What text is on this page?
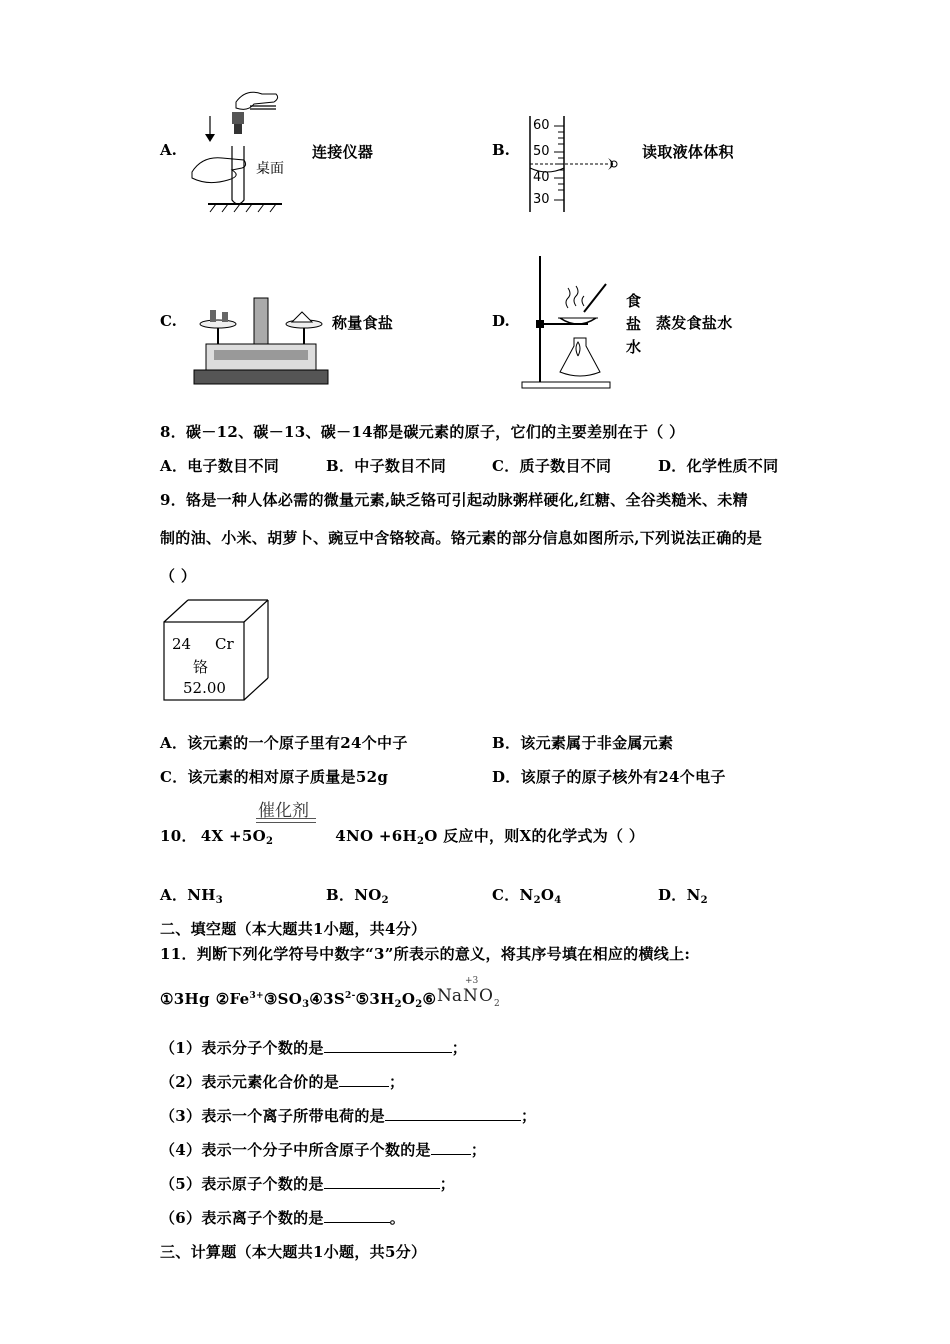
A.
桌面
连接仪器	B.
60
50
40
30
读取液体体积
C.	称量食盐	D.
食
盐
水
蒸发食盐水
8．碳－12、碳－13、碳－14都是碳元素的原子，它们的主要差别在于（ ）
A．电子数目不同	B．中子数目不同	C．质子数目不同	D．化学性质不同
9．铬是一种人体必需的微量元素,缺乏铬可引起动脉粥样硬化,红糖、全谷类糙米、未精
制的油、小米、胡萝卜、豌豆中含铬较高。铬元素的部分信息如图所示,下列说法正确的是
（ ）
24 Cr
铬
52.00
A．该元素的一个原子里有24个中子	B．该元素属于非金属元素
C．该元素的相对原子质量是52g	D．该原子的原子核外有24个电子
催化剂
10． $4X +5O_2$	$4NO +6H_2O$ 反应中，则X的化学式为（ ）
A．$NH_3$	B．$NO_2$	C．$N_2O_4$	D．$N_2$
二、填空题（本大题共1小题，共4分）
11．判断下列化学符号中数字“3”所表示的意义，将其序号填在相应的横线上:
①3Hg $②Fe^{3+}③SO_3④3S^{2-}⑤3H_2O_2⑥$ Na
+3
N O 2
（1）表示分子个数的是	；
（2）表示元素化合价的是	；
（3）表示一个离子所带电荷的是	；
（4）表示一个分子中所含原子个数的是	；
（5）表示原子个数的是	；
（6）表示离子个数的是	。
三、计算题（本大题共1小题，共5分）
